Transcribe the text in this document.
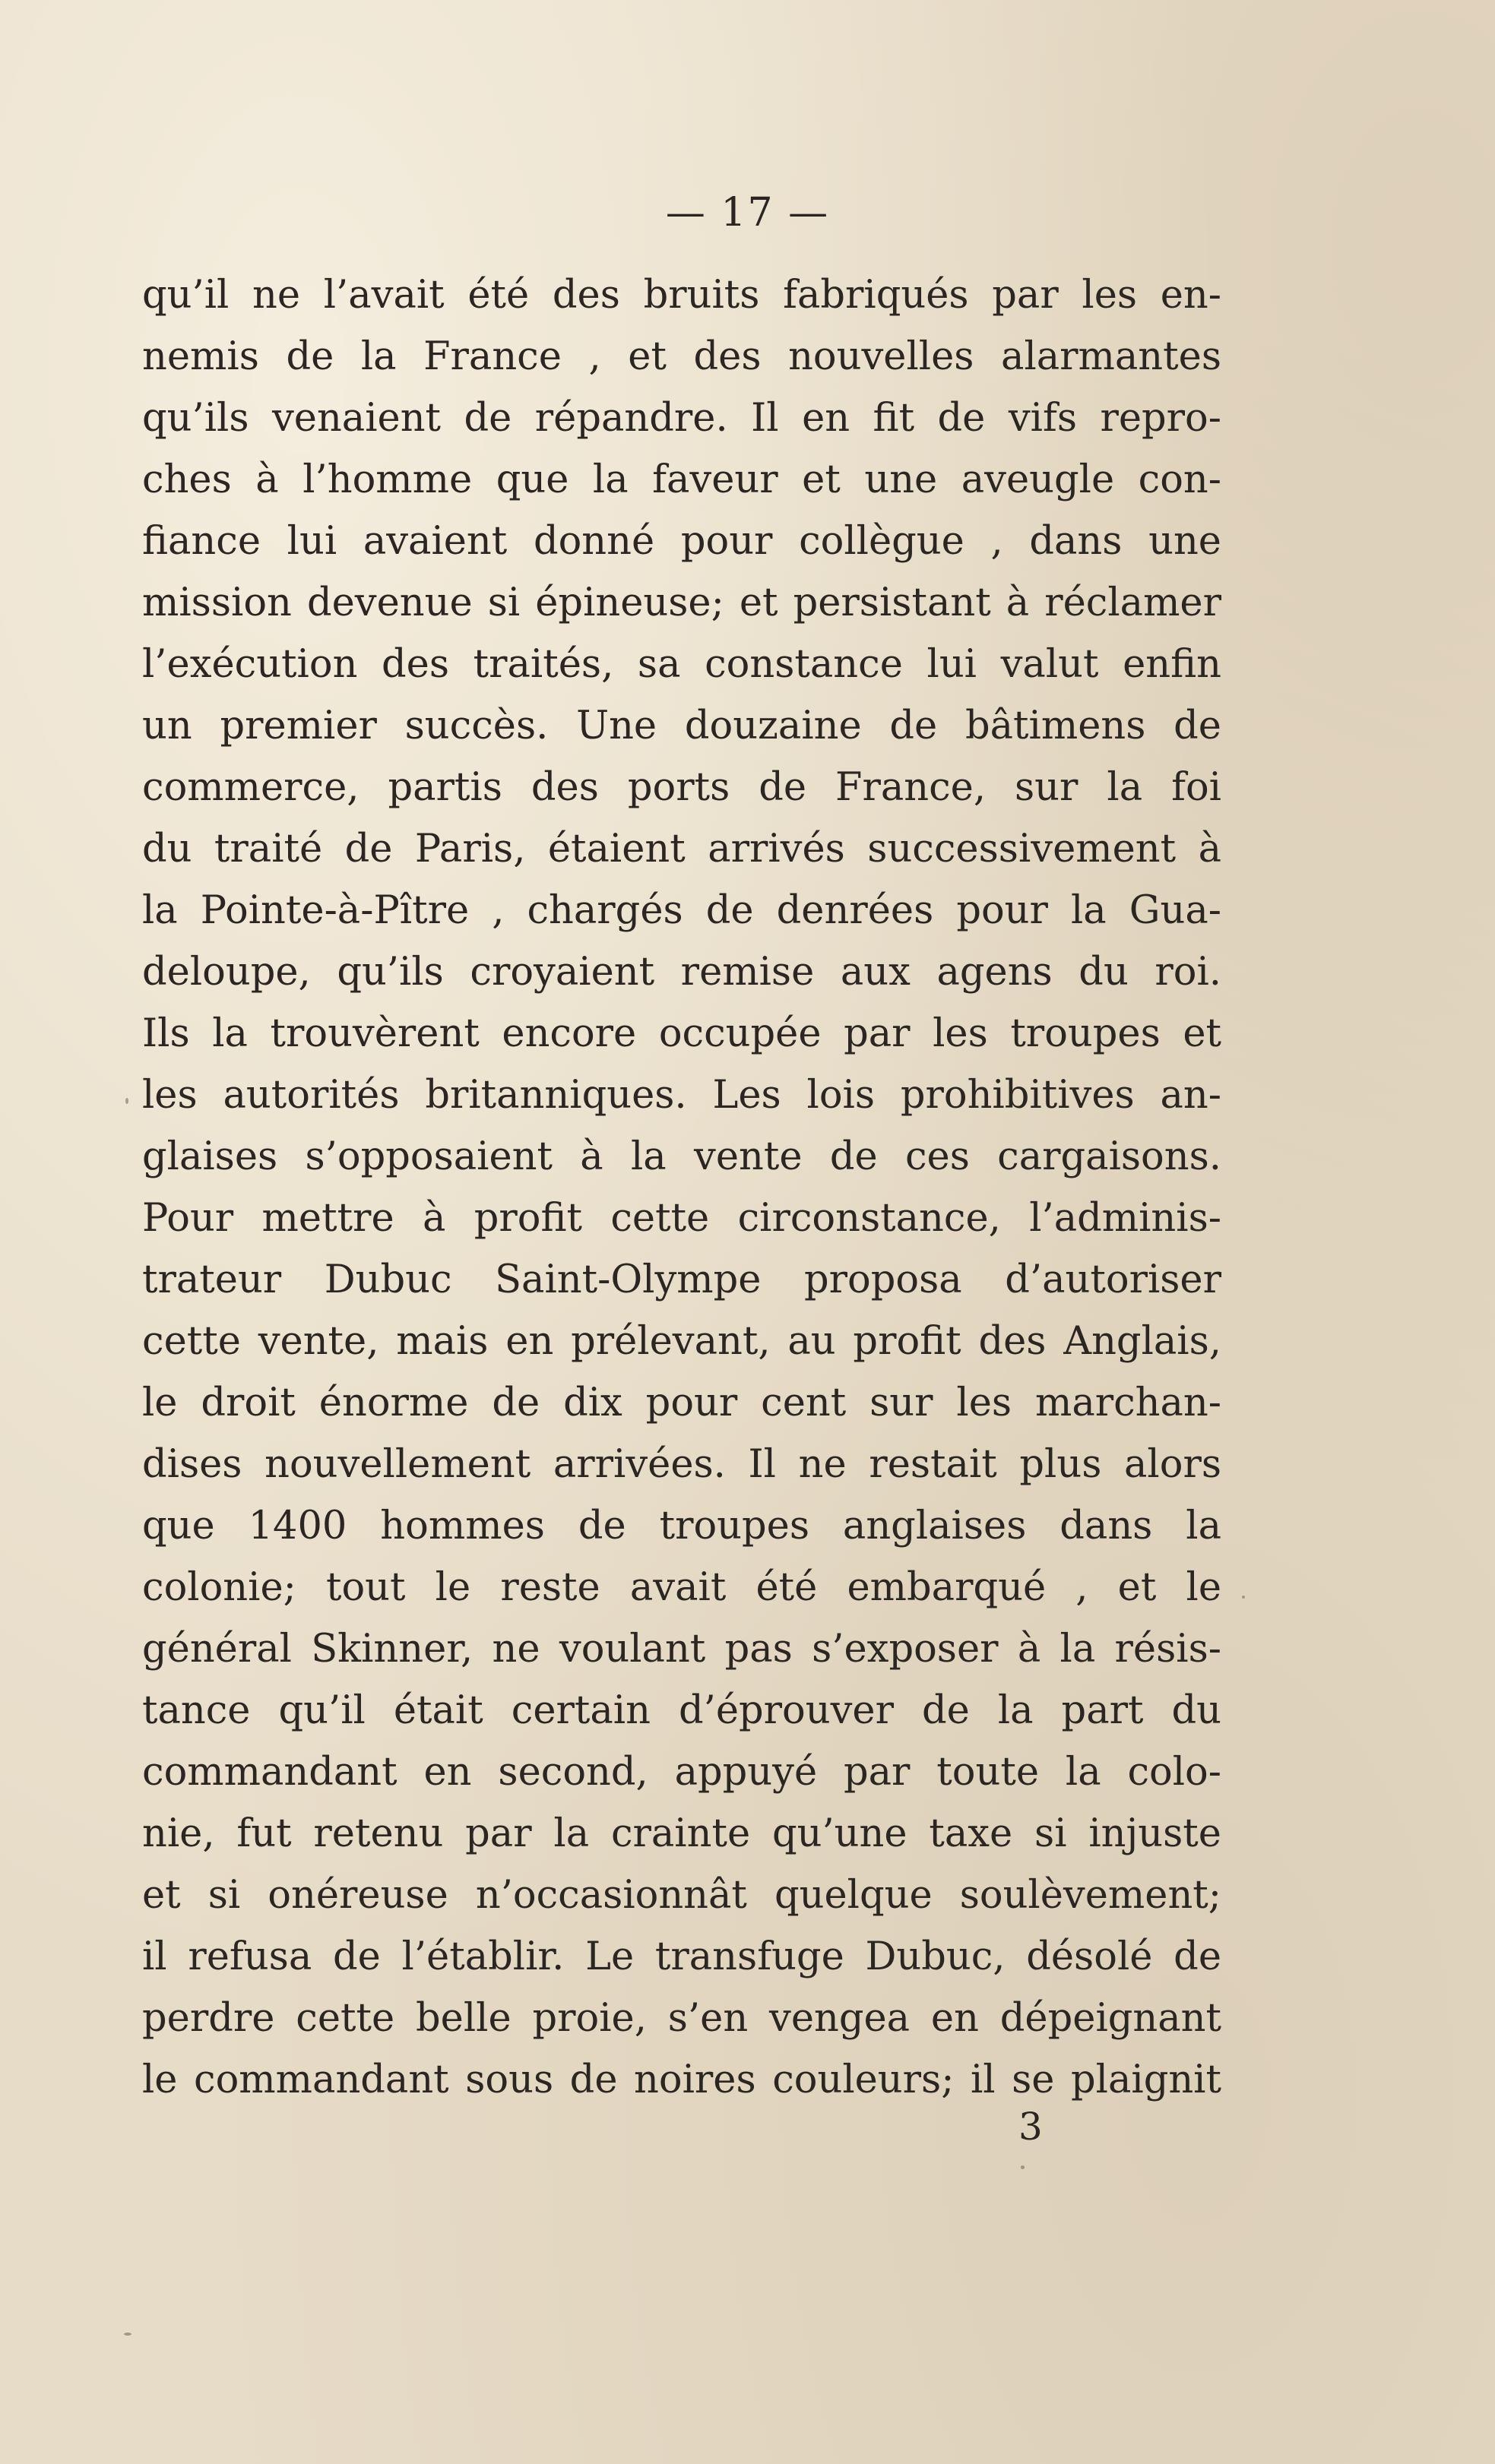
— 17 —
qu’il ne l’avait été des bruits fabriqués par les en-
nemis de la France , et des nouvelles alarmantes
qu’ils venaient de répandre. Il en fit de vifs repro-
ches à l’homme que la faveur et une aveugle con-
fiance lui avaient donné pour collègue , dans une
mission devenue si épineuse; et persistant à réclamer
l’exécution des traités, sa constance lui valut enfin
un premier succès. Une douzaine de bâtimens de
commerce, partis des ports de France, sur la foi
du traité de Paris, étaient arrivés successivement à
la Pointe-à-Pître , chargés de denrées pour la Gua-
deloupe, qu’ils croyaient remise aux agens du roi.
Ils la trouvèrent encore occupée par les troupes et
les autorités britanniques. Les lois prohibitives an-
glaises s’opposaient à la vente de ces cargaisons.
Pour mettre à profit cette circonstance, l’adminis-
trateur Dubuc Saint-Olympe proposa d’autoriser
cette vente, mais en prélevant, au profit des Anglais,
le droit énorme de dix pour cent sur les marchan-
dises nouvellement arrivées. Il ne restait plus alors
que 1400 hommes de troupes anglaises dans la
colonie; tout le reste avait été embarqué , et le
général Skinner, ne voulant pas s’exposer à la résis-
tance qu’il était certain d’éprouver de la part du
commandant en second, appuyé par toute la colo-
nie, fut retenu par la crainte qu’une taxe si injuste
et si onéreuse n’occasionnât quelque soulèvement;
il refusa de l’établir. Le transfuge Dubuc, désolé de
perdre cette belle proie, s’en vengea en dépeignant
le commandant sous de noires couleurs; il se plaignit
3
